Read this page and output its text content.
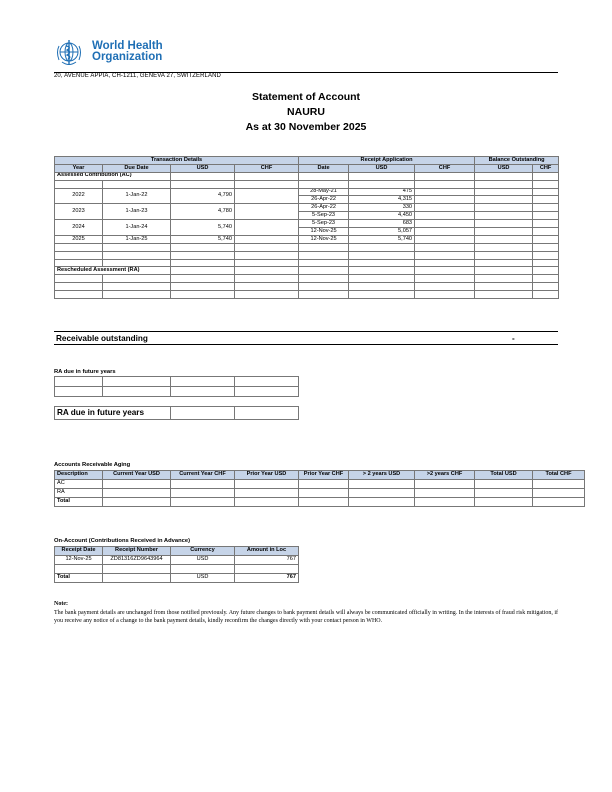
World Health
Organization
20, AVENUE APPIA, CH-1211, GENEVA 27, SWITZERLAND
Statement of Account
NAURU
As at 30 November 2025
Transaction Details				Receipt Application			Balance Outstanding	
Year	Due Date	USD	CHF	Date	USD	CHF	USD	CHF
Assessed Contribution (AC)								

2022	1-Jan-22	4,790		28-May-21	475			
				26-Apr-22	4,315			
2023	1-Jan-23	4,780		26-Apr-22	330			
				5-Sep-23	4,450			
2024	1-Jan-24	5,740		5-Sep-23	683			
				12-Nov-25	5,057			
2025	1-Jan-25	5,740		12-Nov-25	5,740			

Rescheduled Assessment (RA)								

Receivable outstanding	-
RA due in future years

RA due in future years		
Accounts Receivable Aging
Description	Current Year USD	Current Year CHF	Prior Year USD	Prior Year CHF	> 2 years USD	>2 years CHF	Total USD	Total CHF
AC								
RA								
Total								
On-Account (Contributions Received in Advance)
Receipt Date	Receipt Number	Currency	Amount in Loc
12-Nov-25	ZD81316ZD9643964	USD	767

Total		USD	767
Note:
The bank payment details are unchanged from those notified previously. Any future changes to bank payment details will always be communicated officially in writing. In the interests of fraud risk mitigation, if you receive any notice of a change to the bank payment details, kindly reconfirm the changes directly with your contact person in WHO.
